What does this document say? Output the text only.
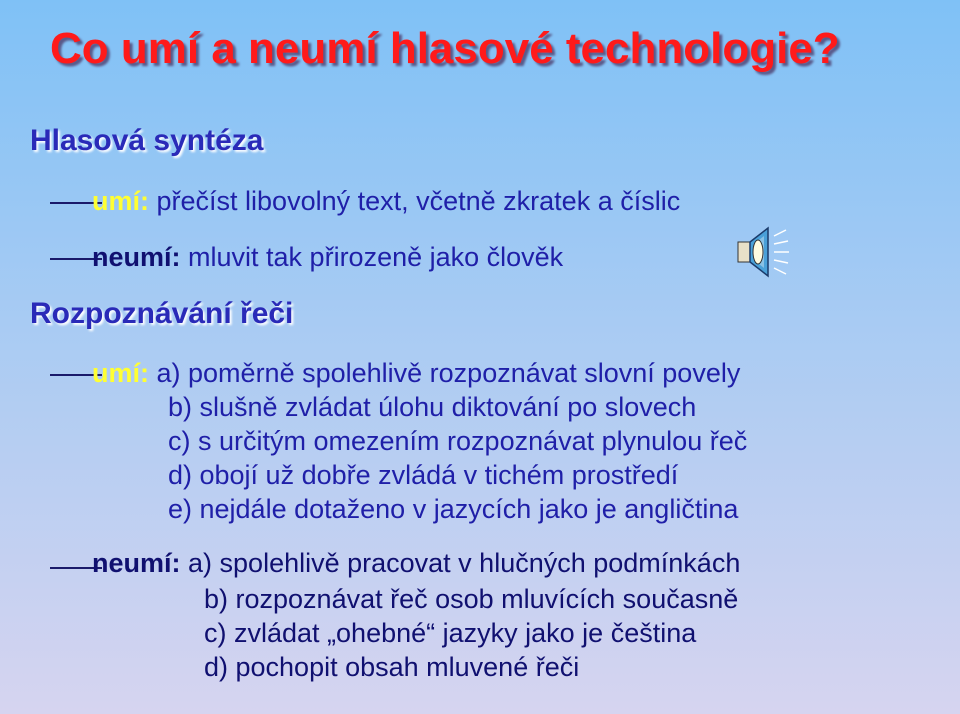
Co umí a neumí hlasové technologie?
Hlasová syntéza
umí: přečíst libovolný text, včetně zkratek a číslic
neumí: mluvit tak přirozeně jako člověk
Rozpoznávání řeči
umí: a) poměrně spolehlivě rozpoznávat slovní povely
b) slušně zvládat úlohu diktování po slovech
c) s určitým omezením rozpoznávat plynulou řeč
d) obojí už dobře zvládá v tichém prostředí
e) nejdále dotaženo v jazycích jako je angličtina
neumí: a) spolehlivě pracovat v hlučných podmínkách
b) rozpoznávat řeč osob mluvících současně
c) zvládat „ohebné“ jazyky jako je čeština
d) pochopit obsah mluvené řeči
